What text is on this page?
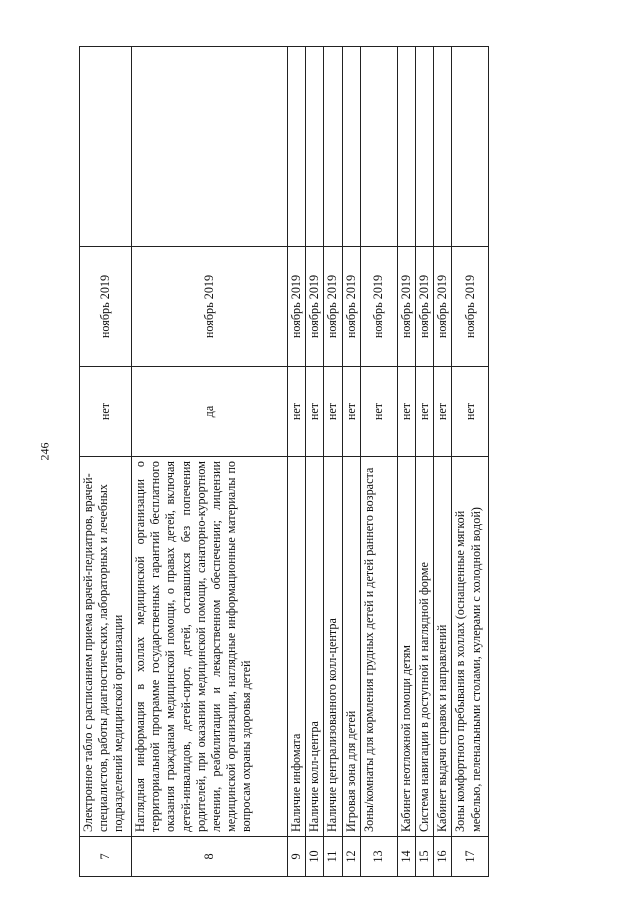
246
7	Электронное табло с расписанием приема врачей-педиатров, врачей-специалистов, работы диагностических, лабораторных и лечебных подразделений медицинской организации	нет	ноябрь 2019	
8	Наглядная информация в холлах медицинской организации о территориальной программе государственных гарантий бесплатного оказания гражданам медицинской помощи, о правах детей, включая детей-инвалидов, детей-сирот, детей, оставшихся без попечения родителей, при оказании медицинской помощи, санаторно-курортном лечении, реабилитации и лекарственном обеспечении; лицензии медицинской организации, наглядные информационные материалы по вопросам охраны здоровья детей	да	ноябрь 2019	
9	Наличие инфомата	нет	ноябрь 2019	
10	Наличие колл-центра	нет	ноябрь 2019	
11	Наличие централизованного колл-центра	нет	ноябрь 2019	
12	Игровая зона для детей	нет	ноябрь 2019	
13	Зоны/комнаты для кормления грудных детей и детей раннего возраста	нет	ноябрь 2019	
14	Кабинет неотложной помощи детям	нет	ноябрь 2019	
15	Система навигации в доступной и наглядной форме	нет	ноябрь 2019	
16	Кабинет выдачи справок и направлений	нет	ноябрь 2019	
17	Зоны комфортного пребывания в холлах (оснащенные мягкой мебелью, пеленальными столами, кулерами с холодной водой)	нет	ноябрь 2019	
